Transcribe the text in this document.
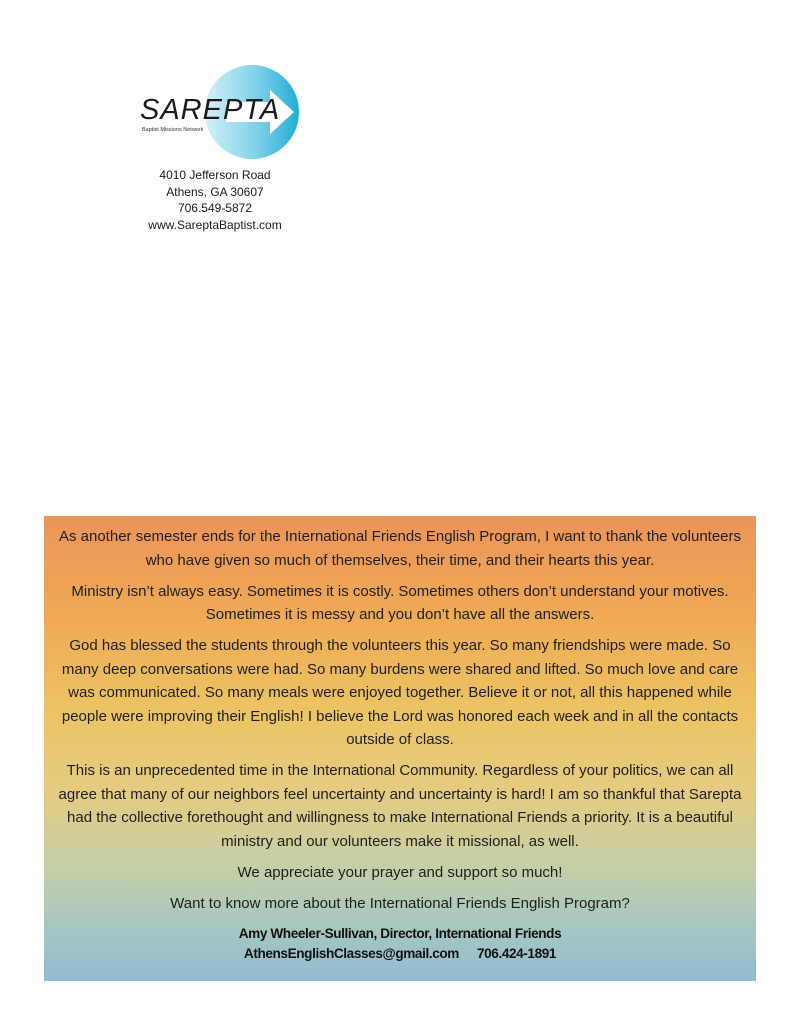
SAREPTA
Baptist Missions Network
4010 Jefferson Road
Athens, GA 30607
706.549-5872
www.SareptaBaptist.com

As another semester ends for the International Friends English Program, I want to thank the volunteers who have given so much of themselves, their time, and their hearts this year.

Ministry isn’t always easy. Sometimes it is costly. Sometimes others don’t understand your motives. Sometimes it is messy and you don’t have all the answers.

God has blessed the students through the volunteers this year. So many friendships were made. So many deep conversations were had. So many burdens were shared and lifted. So much love and care was communicated. So many meals were enjoyed together. Believe it or not, all this happened while people were improving their English! I believe the Lord was honored each week and in all the contacts outside of class.

This is an unprecedented time in the International Community. Regardless of your politics, we can all agree that many of our neighbors feel uncertainty and uncertainty is hard! I am so thankful that Sarepta had the collective forethought and willingness to make International Friends a priority. It is a beautiful ministry and our volunteers make it missional, as well.

We appreciate your prayer and support so much!

Want to know more about the International Friends English Program?

Amy Wheeler-Sullivan, Director, International Friends
AthensEnglishClasses@gmail.com 706.424-1891
